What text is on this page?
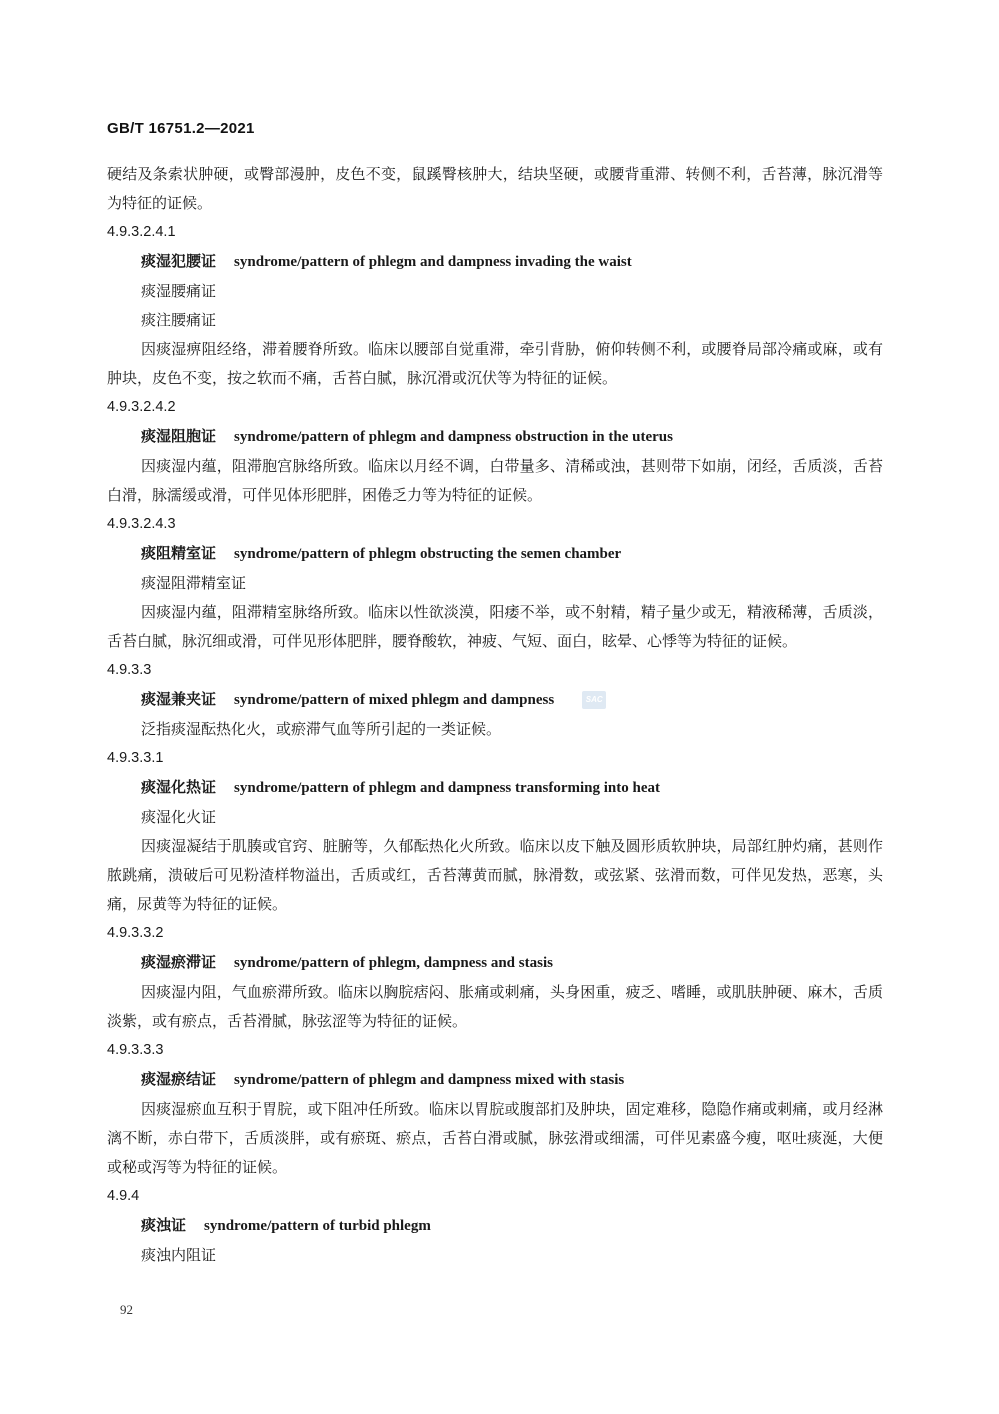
GB/T 16751.2—2021

硬结及条索状肿硬，或臀部漫肿，皮色不变，鼠蹊臀核肿大，结块坚硬，或腰背重滞、转侧不利，舌苔薄，脉沉滑等为特征的证候。

4.9.3.2.4.1

痰湿犯腰证 syndrome/pattern of phlegm and dampness invading the waist

痰湿腰痛证

痰注腰痛证

因痰湿痹阻经络，滞着腰脊所致。临床以腰部自觉重滞，牵引背胁，俯仰转侧不利，或腰脊局部冷痛或麻，或有肿块，皮色不变，按之软而不痛，舌苔白腻，脉沉滑或沉伏等为特征的证候。

4.9.3.2.4.2

痰湿阻胞证 syndrome/pattern of phlegm and dampness obstruction in the uterus

因痰湿内蕴，阻滞胞宫脉络所致。临床以月经不调，白带量多、清稀或浊，甚则带下如崩，闭经，舌质淡，舌苔白滑，脉濡缓或滑，可伴见体形肥胖，困倦乏力等为特征的证候。

4.9.3.2.4.3

痰阻精室证 syndrome/pattern of phlegm obstructing the semen chamber

痰湿阻滞精室证

因痰湿内蕴，阻滞精室脉络所致。临床以性欲淡漠，阳痿不举，或不射精，精子量少或无，精液稀薄，舌质淡，舌苔白腻，脉沉细或滑，可伴见形体肥胖，腰脊酸软，神疲、气短、面白，眩晕、心悸等为特征的证候。

4.9.3.3

痰湿兼夹证 syndrome/pattern of mixed phlegm and dampness	SAC

泛指痰湿酝热化火，或瘀滞气血等所引起的一类证候。

4.9.3.3.1

痰湿化热证 syndrome/pattern of phlegm and dampness transforming into heat

痰湿化火证

因痰湿凝结于肌腠或官窍、脏腑等，久郁酝热化火所致。临床以皮下触及圆形质软肿块，局部红肿灼痛，甚则作脓跳痛，溃破后可见粉渣样物溢出，舌质或红，舌苔薄黄而腻，脉滑数，或弦紧、弦滑而数，可伴见发热，恶寒，头痛，尿黄等为特征的证候。

4.9.3.3.2

痰湿瘀滞证 syndrome/pattern of phlegm, dampness and stasis

因痰湿内阻，气血瘀滞所致。临床以胸脘痞闷、胀痛或刺痛，头身困重，疲乏、嗜睡，或肌肤肿硬、麻木，舌质淡紫，或有瘀点，舌苔滑腻，脉弦涩等为特征的证候。

4.9.3.3.3

痰湿瘀结证 syndrome/pattern of phlegm and dampness mixed with stasis

因痰湿瘀血互积于胃脘，或下阻冲任所致。临床以胃脘或腹部扪及肿块，固定难移，隐隐作痛或刺痛，或月经淋漓不断，赤白带下，舌质淡胖，或有瘀斑、瘀点，舌苔白滑或腻，脉弦滑或细濡，可伴见素盛今瘦，呕吐痰涎，大便或秘或泻等为特征的证候。

4.9.4

痰浊证 syndrome/pattern of turbid phlegm

痰浊内阻证

92
